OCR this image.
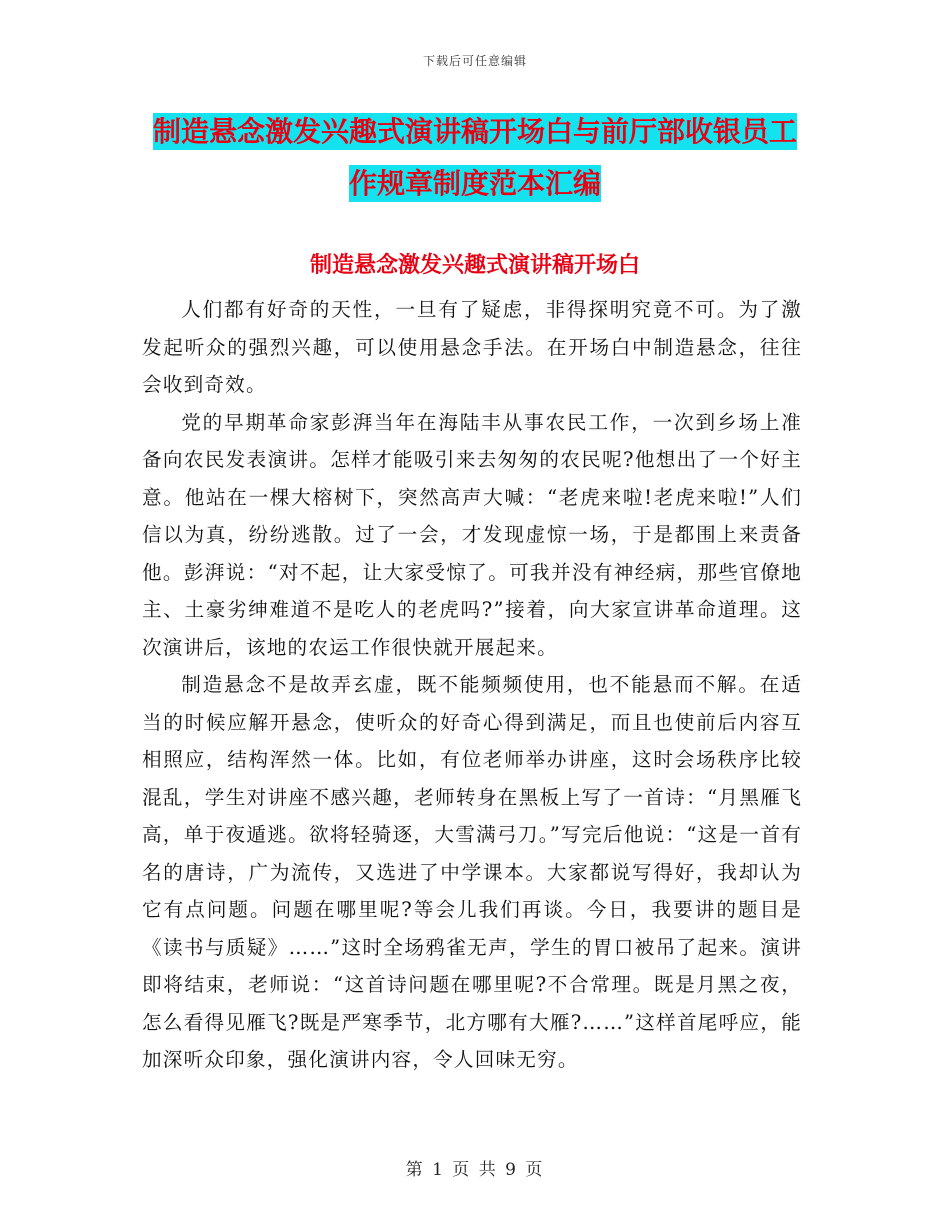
下载后可任意编辑
制造悬念激发兴趣式演讲稿开场白与前厅部收银员工
作规章制度范本汇编
制造悬念激发兴趣式演讲稿开场白

人们都有好奇的天性，一旦有了疑虑，非得探明究竟不可。为了激发起听众的强烈兴趣，可以使用悬念手法。在开场白中制造悬念，往往会收到奇效。

党的早期革命家彭湃当年在海陆丰从事农民工作，一次到乡场上准备向农民发表演讲。怎样才能吸引来去匆匆的农民呢?他想出了一个好主意。他站在一棵大榕树下，突然高声大喊：“老虎来啦!老虎来啦!”人们信以为真，纷纷逃散。过了一会，才发现虚惊一场，于是都围上来责备他。彭湃说：“对不起，让大家受惊了。可我并没有神经病，那些官僚地主、土豪劣绅难道不是吃人的老虎吗?”接着，向大家宣讲革命道理。这次演讲后，该地的农运工作很快就开展起来。

制造悬念不是故弄玄虚，既不能频频使用，也不能悬而不解。在适当的时候应解开悬念，使听众的好奇心得到满足，而且也使前后内容互相照应，结构浑然一体。比如，有位老师举办讲座，这时会场秩序比较混乱，学生对讲座不感兴趣，老师转身在黑板上写了一首诗：“月黑雁飞高，单于夜遁逃。欲将轻骑逐，大雪满弓刀。”写完后他说：“这是一首有名的唐诗，广为流传，又选进了中学课本。大家都说写得好，我却认为它有点问题。问题在哪里呢?等会儿我们再谈。今日，我要讲的题目是《读书与质疑》……”这时全场鸦雀无声，学生的胃口被吊了起来。演讲即将结束，老师说：“这首诗问题在哪里呢?不合常理。既是月黑之夜，怎么看得见雁飞?既是严寒季节，北方哪有大雁?……”这样首尾呼应，能加深听众印象，强化演讲内容，令人回味无穷。

第 1 页 共 9 页
